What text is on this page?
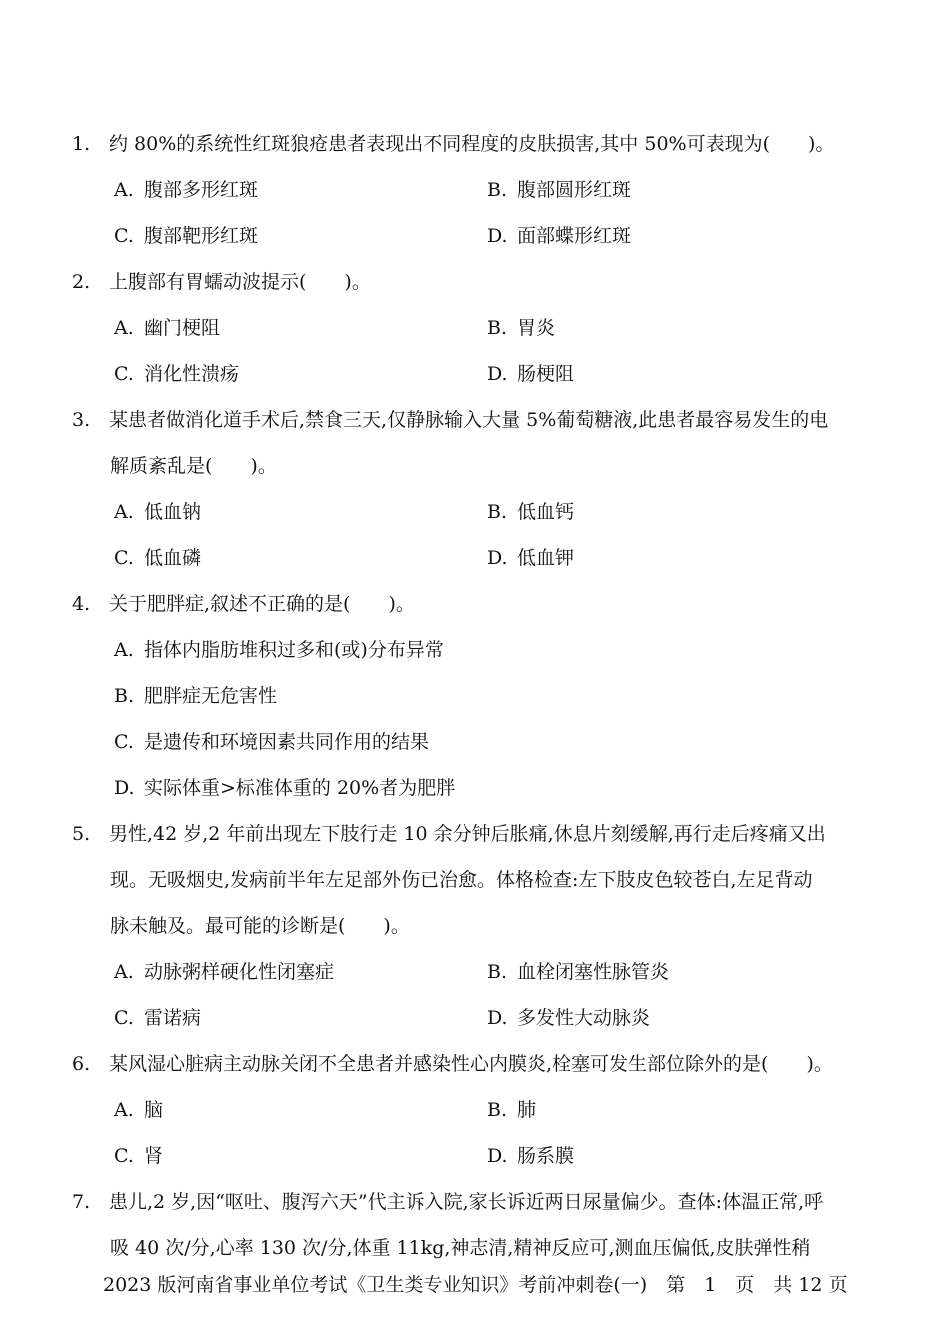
1. 约 80%的系统性红斑狼疮患者表现出不同程度的皮肤损害,其中 50%可表现为(　　)。
A. 腹部多形红斑	B. 腹部圆形红斑
C. 腹部靶形红斑	D. 面部蝶形红斑
2. 上腹部有胃蠕动波提示(　　)。
A. 幽门梗阻	B. 胃炎
C. 消化性溃疡	D. 肠梗阻
3. 某患者做消化道手术后,禁食三天,仅静脉输入大量 5%葡萄糖液,此患者最容易发生的电
解质紊乱是(　　)。
A. 低血钠	B. 低血钙
C. 低血磷	D. 低血钾
4. 关于肥胖症,叙述不正确的是(　　)。
A. 指体内脂肪堆积过多和(或)分布异常
B. 肥胖症无危害性
C. 是遗传和环境因素共同作用的结果
D. 实际体重>标准体重的 20%者为肥胖
5. 男性,42 岁,2 年前出现左下肢行走 10 余分钟后胀痛,休息片刻缓解,再行走后疼痛又出
现。无吸烟史,发病前半年左足部外伤已治愈。体格检查:左下肢皮色较苍白,左足背动
脉未触及。最可能的诊断是(　　)。
A. 动脉粥样硬化性闭塞症	B. 血栓闭塞性脉管炎
C. 雷诺病	D. 多发性大动脉炎
6. 某风湿心脏病主动脉关闭不全患者并感染性心内膜炎,栓塞可发生部位除外的是(　　)。
A. 脑	B. 肺
C. 肾	D. 肠系膜
7. 患儿,2 岁,因“呕吐、腹泻六天”代主诉入院,家长诉近两日尿量偏少。查体:体温正常,呼
吸 40 次/分,心率 130 次/分,体重 11kg,神志清,精神反应可,测血压偏低,皮肤弹性稍
2023 版河南省事业单位考试《卫生类专业知识》考前冲刺卷(一)　第　1　页　共 12 页
